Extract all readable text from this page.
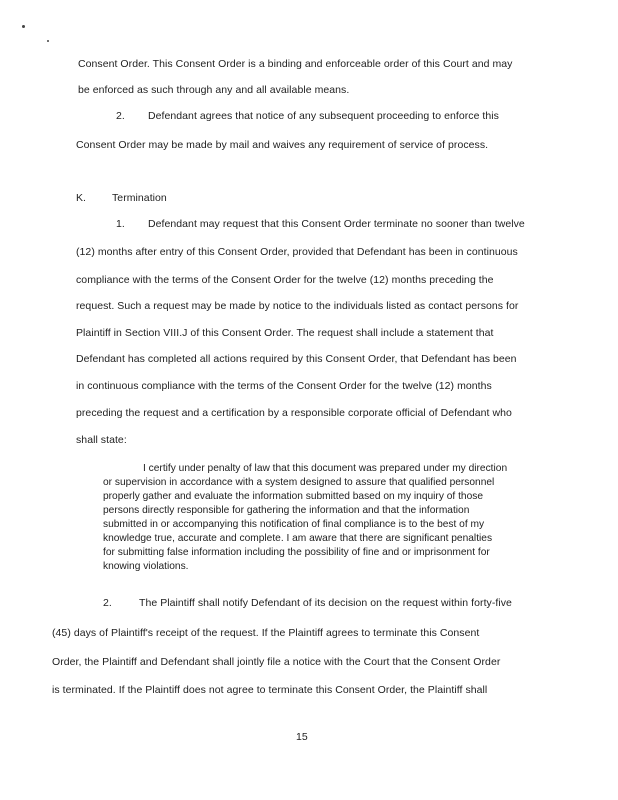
Consent Order. This Consent Order is a binding and enforceable order of this Court and may
be enforced as such through any and all available means.
2. Defendant agrees that notice of any subsequent proceeding to enforce this
Consent Order may be made by mail and waives any requirement of service of process.
K. Termination
1. Defendant may request that this Consent Order terminate no sooner than twelve
(12) months after entry of this Consent Order, provided that Defendant has been in continuous
compliance with the terms of the Consent Order for the twelve (12) months preceding the
request. Such a request may be made by notice to the individuals listed as contact persons for
Plaintiff in Section VIII.J of this Consent Order. The request shall include a statement that
Defendant has completed all actions required by this Consent Order, that Defendant has been
in continuous compliance with the terms of the Consent Order for the twelve (12) months
preceding the request and a certification by a responsible corporate official of Defendant who
shall state:
I certify under penalty of law that this document was prepared under my direction
or supervision in accordance with a system designed to assure that qualified personnel
properly gather and evaluate the information submitted based on my inquiry of those
persons directly responsible for gathering the information and that the information
submitted in or accompanying this notification of final compliance is to the best of my
knowledge true, accurate and complete. I am aware that there are significant penalties
for submitting false information including the possibility of fine and or imprisonment for
knowing violations.
2.	The Plaintiff shall notify Defendant of its decision on the request within forty-five
(45) days of Plaintiff's receipt of the request. If the Plaintiff agrees to terminate this Consent
Order, the Plaintiff and Defendant shall jointly file a notice with the Court that the Consent Order
is terminated. If the Plaintiff does not agree to terminate this Consent Order, the Plaintiff shall
15
